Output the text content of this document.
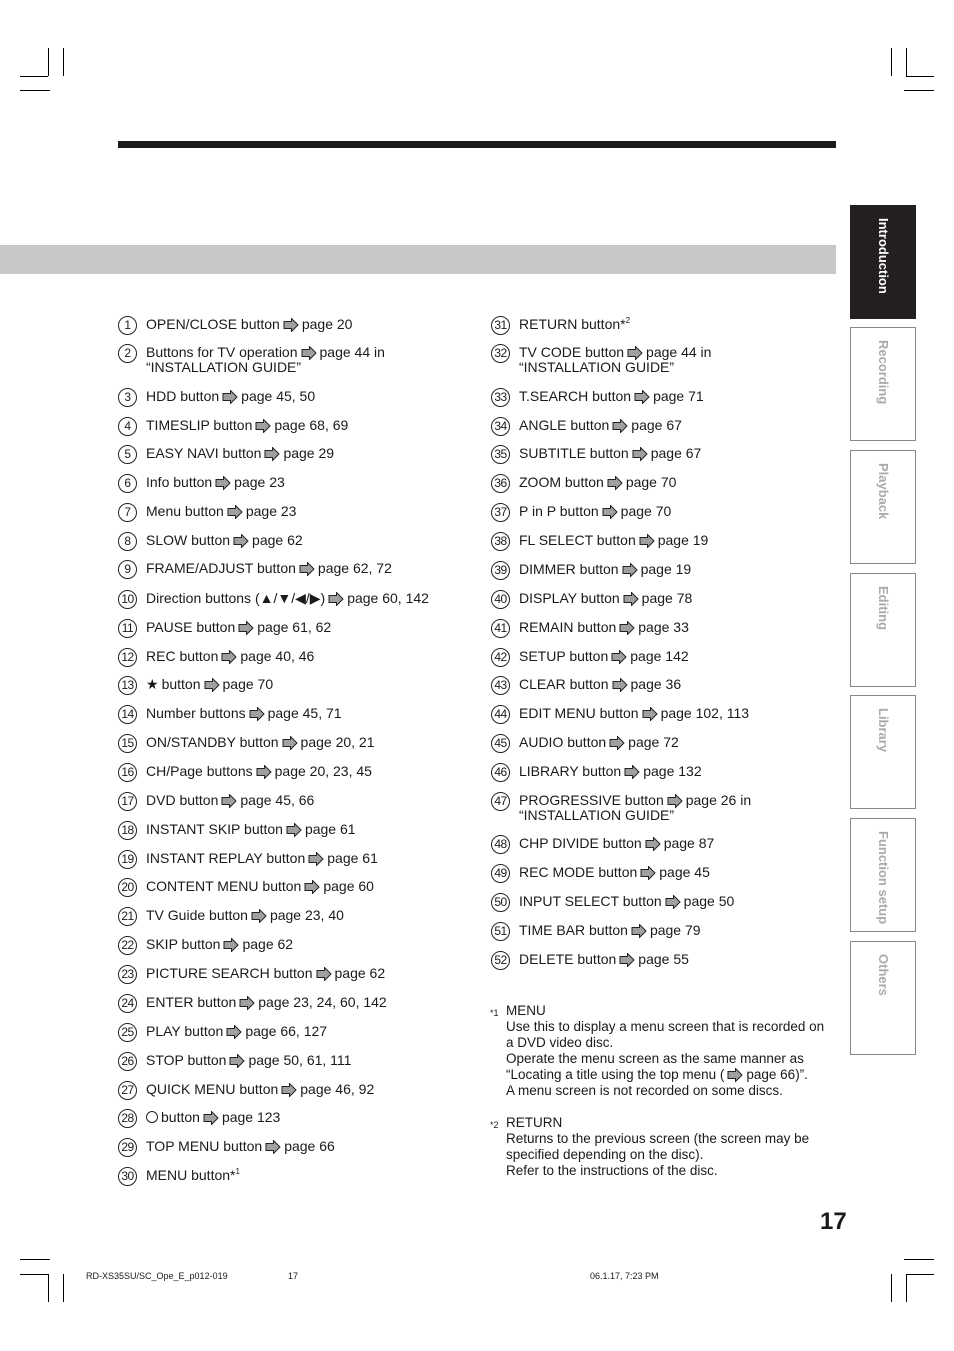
Introduction
Recording
Playback
Editing
Library
Function setup
Others
1	OPEN/CLOSE button page 20
2	Buttons for TV operation page 44 in
“INSTALLATION GUIDE”
3	HDD button page 45, 50
4	TIMESLIP button page 68, 69
5	EASY NAVI button page 29
6	Info button page 23
7	Menu button page 23
8	SLOW button page 62
9	FRAME/ADJUST button page 62, 72
10 Direction buttons (▲/▼/◀/▶) page 60, 142
11 PAUSE button page 61, 62
12 REC button page 40, 46
13 ★ button page 70
14 Number buttons page 45, 71
15 ON/STANDBY button page 20, 21
16 CH/Page buttons page 20, 23, 45
17 DVD button page 45, 66
18 INSTANT SKIP button page 61
19 INSTANT REPLAY button page 61
20 CONTENT MENU button page 60
21 TV Guide button page 23, 40
22 SKIP button page 62
23 PICTURE SEARCH button page 62
24 ENTER button page 23, 24, 60, 142
25 PLAY button page 66, 127
26 STOP button page 50, 61, 111
27 QUICK MENU button page 46, 92
28	button page 123
29 TOP MENU button page 66
30 MENU button*$^1$
31 RETURN button*$^2$
32 TV CODE button page 44 in
“INSTALLATION GUIDE”
33 T.SEARCH button page 71
34 ANGLE button page 67
35 SUBTITLE button page 67
36 ZOOM button page 70
37 P in P button page 70
38 FL SELECT button page 19
39 DIMMER button page 19
40 DISPLAY button page 78
41 REMAIN button page 33
42 SETUP button page 142
43 CLEAR button page 36
44 EDIT MENU button page 102, 113
45 AUDIO button page 72
46 LIBRARY button page 132
47 PROGRESSIVE button page 26 in
“INSTALLATION GUIDE”
48 CHP DIVIDE button page 87
49 REC MODE button page 45
50 INPUT SELECT button page 50
51 TIME BAR button page 79
52 DELETE button page 55
*1 MENU
Use this to display a menu screen that is recorded on
a DVD video disc.
Operate the menu screen as the same manner as
“Locating a title using the top menu ( page 66)”.
A menu screen is not recorded on some discs.
*2 RETURN
Returns to the previous screen (the screen may be
specified depending on the disc).
Refer to the instructions of the disc.
17
RD-XS35SU/SC_Ope_E_p012-019	17	06.1.17, 7:23 PM
